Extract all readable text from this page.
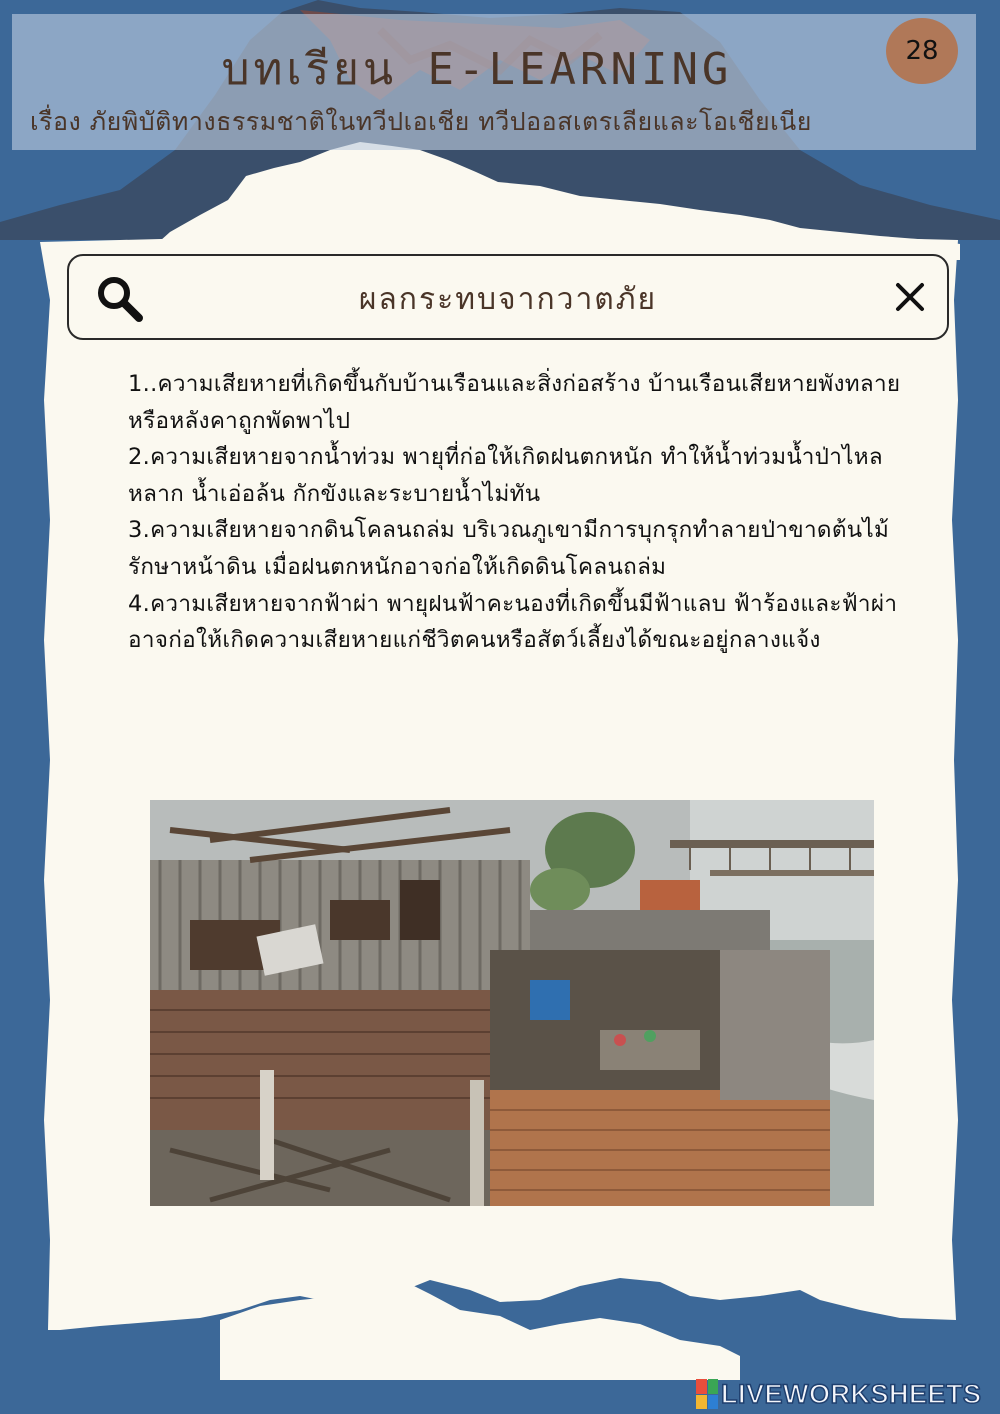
บทเรียน E-LEARNING
เรื่อง ภัยพิบัติทางธรรมชาติในทวีปเอเชีย ทวีปออสเตรเลียและโอเชียเนีย
28
ผลกระทบจากวาตภัย

1..ความเสียหายที่เกิดขึ้นกับบ้านเรือนและสิ่งก่อสร้าง บ้านเรือนเสียหายพังทลาย หรือหลังคาถูกพัดพาไป

2.ความเสียหายจากน้ำท่วม พายุที่ก่อให้เกิดฝนตกหนัก ทำให้น้ำท่วมน้ำป่าไหลหลาก น้ำเอ่อล้น กักขังและระบายน้ำไม่ทัน

3.ความเสียหายจากดินโคลนถล่ม บริเวณภูเขามีการบุกรุกทำลายป่าขาดต้นไม้รักษาหน้าดิน เมื่อฝนตกหนักอาจก่อให้เกิดดินโคลนถล่ม

4.ความเสียหายจากฟ้าผ่า พายุฝนฟ้าคะนองที่เกิดขึ้นมีฟ้าแลบ ฟ้าร้องและฟ้าผ่า อาจก่อให้เกิดความเสียหายแก่ชีวิตคนหรือสัตว์เลี้ยงได้ขณะอยู่กลางแจ้ง

LIVEWORKSHEETS
